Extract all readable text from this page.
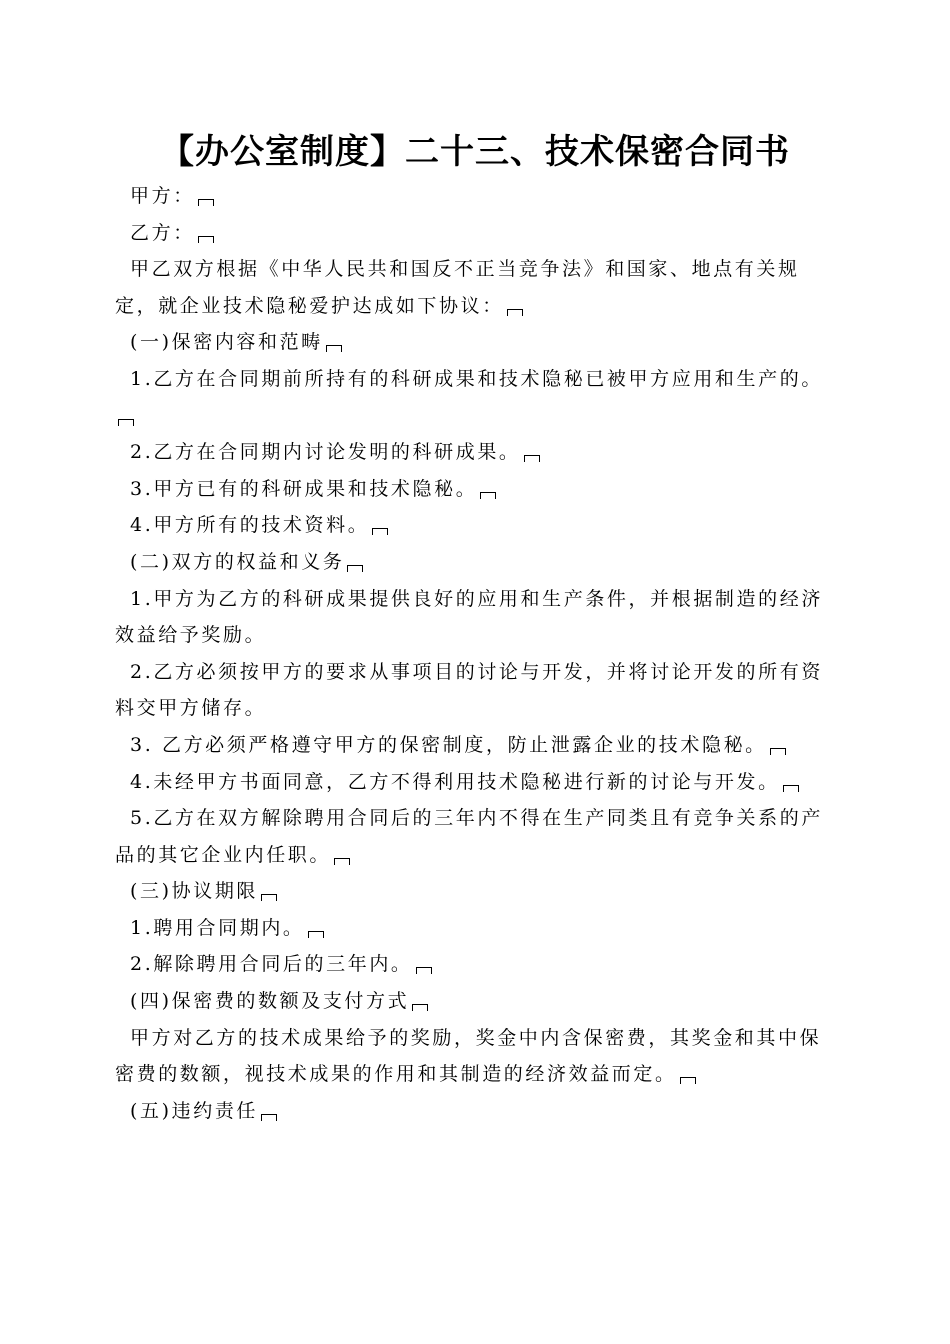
【办公室制度】二十三、技术保密合同书

甲方：

乙方：

甲乙双方根据《中华人民共和国反不正当竞争法》和国家、地点有关规定，就企业技术隐秘爱护达成如下协议：

(一)保密内容和范畴

1.乙方在合同期前所持有的科研成果和技术隐秘已被甲方应用和生产的。

2.乙方在合同期内讨论发明的科研成果。

3.甲方已有的科研成果和技术隐秘。

4.甲方所有的技术资料。

(二)双方的权益和义务

1.甲方为乙方的科研成果提供良好的应用和生产条件，并根据制造的经济效益给予奖励。

2.乙方必须按甲方的要求从事项目的讨论与开发，并将讨论开发的所有资料交甲方储存。

3. 乙方必须严格遵守甲方的保密制度，防止泄露企业的技术隐秘。

4.未经甲方书面同意，乙方不得利用技术隐秘进行新的讨论与开发。

5.乙方在双方解除聘用合同后的三年内不得在生产同类且有竞争关系的产品的其它企业内任职。

(三)协议期限

1.聘用合同期内。

2.解除聘用合同后的三年内。

(四)保密费的数额及支付方式

甲方对乙方的技术成果给予的奖励，奖金中内含保密费，其奖金和其中保密费的数额，视技术成果的作用和其制造的经济效益而定。

(五)违约责任
